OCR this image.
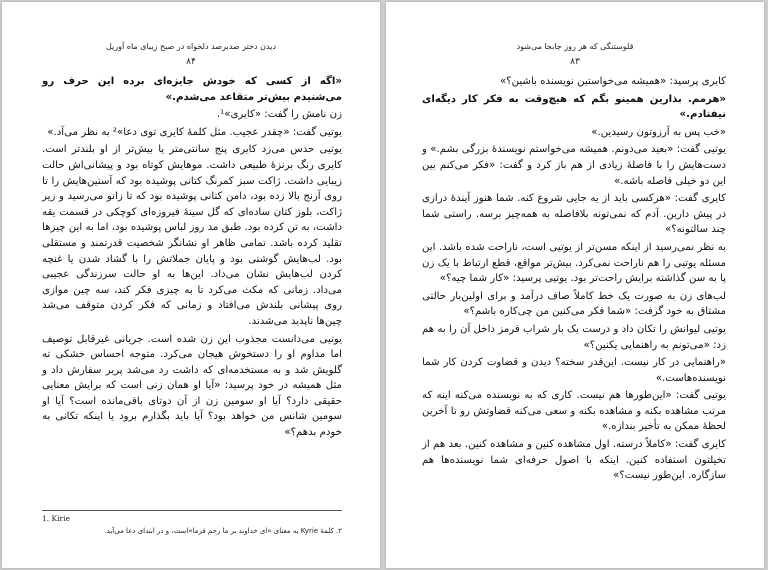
دیدن دختر صدبرصد دلخواه در صبح زیبای ماه آوریل
۸۴

«اگه از کسی که خودش جایزه‌ای برده این حرف رو می‌شنیدم بیش‌تر متقاعد می‌شدم.»

زن نامش را گفت: «کایری»¹.

یوتیی گفت: «چقدر عجیب. مثل کلمهٔ کایری توی دعا»² به نظر می‌آد.»

یوتیی حدس می‌زد کایری پنج سانتی‌متر یا بیش‌تر از او بلندتر است. کایری رنگ برنزهٔ طبیعی داشت. موهایش کوتاه بود و پیشانی‌اش حالت زیبایی داشت. ژاکت سبز کمرنگ کتانی پوشیده بود که آستین‌هایش را تا روی آرنج بالا زده بود، دامن کتانی پوشیده بود که تا زانو می‌رسید و زیر ژاکت، بلوز کتان ساده‌ای که گل سینهٔ فیروزه‌ای کوچکی در قسمت یقه داشت، به تن کرده بود. طبق مد روز لباس پوشیده بود، اما به این چیزها تقلید کرده باشد. تمامی ظاهر او نشانگر شخصیت قدرتمند و مستقلی بود. لب‌هایش گوشتی بود و پایان جملاتش را با گشاد شدن یا غنچه کردن لب‌هایش نشان می‌داد. این‌ها به او حالت سرزندگی عجیبی می‌داد. زمانی که مکث می‌کرد تا به چیزی فکر کند، سه چین موازی روی پیشانی بلندش می‌افتاد و زمانی که فکر کردن متوقف می‌شد چین‌ها ناپدید می‌شدند.

یوتیی می‌دانست مجذوب این زن شده است. جریانی غیرقابل توصیف اما مداوم او را دستخوش هیجان می‌کرد. متوجه احساس خشکی ته گلویش شد و به مستخدمه‌ای که داشت رد می‌شد پریر سفارش داد و مثل همیشه در خود پرسید: «آیا او همان زنی است که برایش معنایی حقیقی دارد؟ آیا او سومین زن از آن دوتای باقی‌مانده است؟ آیا او سومین شانس من خواهد بود؟ آیا باید بگذارم برود یا اینکه تکانی به خودم بدهم؟»

1. Kirie
۲. کلمهٔ Kyrie به معنای «ای خداوند بر ما رحم فرما»است، و در ابتدای دعا می‌آید.
قلوستنگی که هر روز جابجا می‌شود
۸۳

کایری پرسید: «همیشه می‌خواستین نویسنده باشین؟»

«هرمم. بذارین همینو بگم که هیچ‌وقت به فکر کار دیگه‌ای نیفتادم.»

«خب پس به آرزوتون رسیدین.»

یوتیی گفت: «بعید می‌دونم. همیشه می‌خواستم نویسندهٔ بزرگی بشم.» و دست‌هایش را با فاصلهٔ زیادی از هم باز کرد و گفت: «فکر می‌کنم بین این دو خیلی فاصله باشه.»

کایری گفت: «هرکسی باید از یه جایی شروع کنه. شما هنوز آیندهٔ درازی در پیش دارین. آدم که نمی‌تونه بلافاصله به همه‌چیز برسه. راستی شما چند سالتونه؟»

به نظر نمی‌رسید از اینکه مسن‌تر از یوتیی است، ناراحت شده باشد. این مسئله یوتیی را هم ناراحت نمی‌کرد. بیش‌تر مواقع، قطع ارتباط با یک زن پا به سن گذاشته برایش راحت‌تر بود. یوتیی پرسید: «کار شما چیه؟»

لب‌های زن به صورت یک خط کاملاً صاف درآمد و برای اولین‌بار حالتی مشتاق به خود گرفت: «شما فکر می‌کنین من چی‌کاره باشم؟»

یوتیی لیوانش را تکان داد و درست یک بار شراب قرمز داخل آن را به هم زد: «می‌تونم به راهنمایی یکنین؟»

«راهنمایی در کار نیست. این‌قدر سخته؟ دیدن و قضاوت کردن کار شما نویسنده‌هاست.»

یوتیی گفت: «این‌طورها هم نیست. کاری که به نویسنده می‌کنه اینه که مرتب مشاهده بکنه و مشاهده بکنه و سعی می‌کنه قضاوتش رو تا آخرین لحظهٔ ممکن به تأخیر بندازه.»

کایری گفت: «کاملاً درسته. اول مشاهده کنین و مشاهده کنین. بعد هم از تخیلتون استفاده کنین. اینکه با اصول حرفه‌ای شما نویسنده‌ها هم سازگاره. این‌طور نیست؟»
